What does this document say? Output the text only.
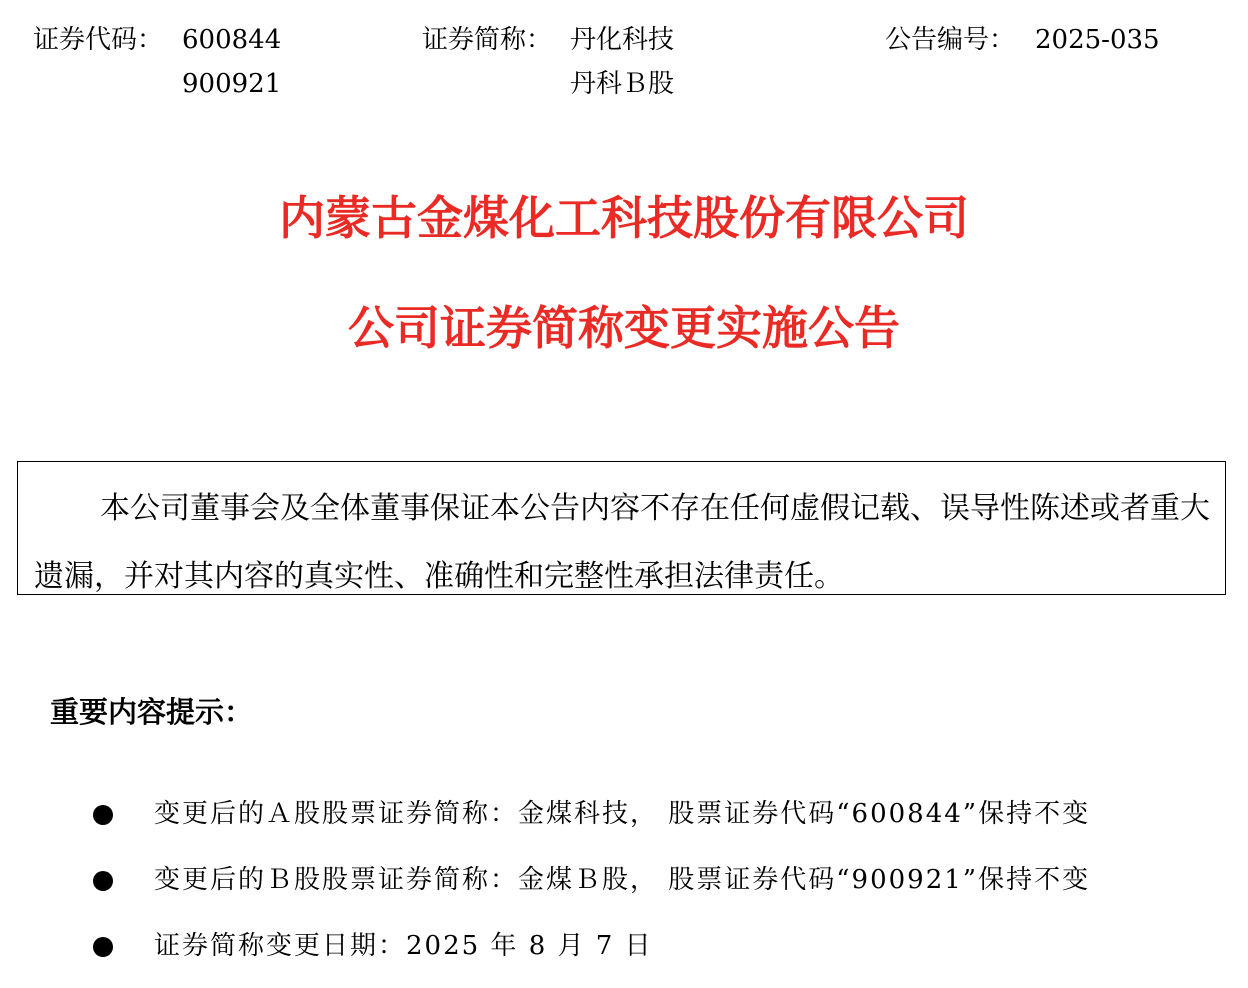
证券代码： 600844
900921
证券简称： 丹化科技
丹科Ｂ股
公告编号： 2025-035
内蒙古金煤化工科技股份有限公司
公司证券简称变更实施公告

本公司董事会及全体董事保证本公告内容不存在任何虚假记载、误导性陈述或者重大遗漏，并对其内容的真实性、准确性和完整性承担法律责任。

重要内容提示：
变更后的Ａ股股票证券简称：金煤科技， 股票证券代码“600844”保持不变
变更后的Ｂ股股票证券简称：金煤Ｂ股， 股票证券代码“900921”保持不变
证券简称变更日期：2025 年 8 月 7 日
